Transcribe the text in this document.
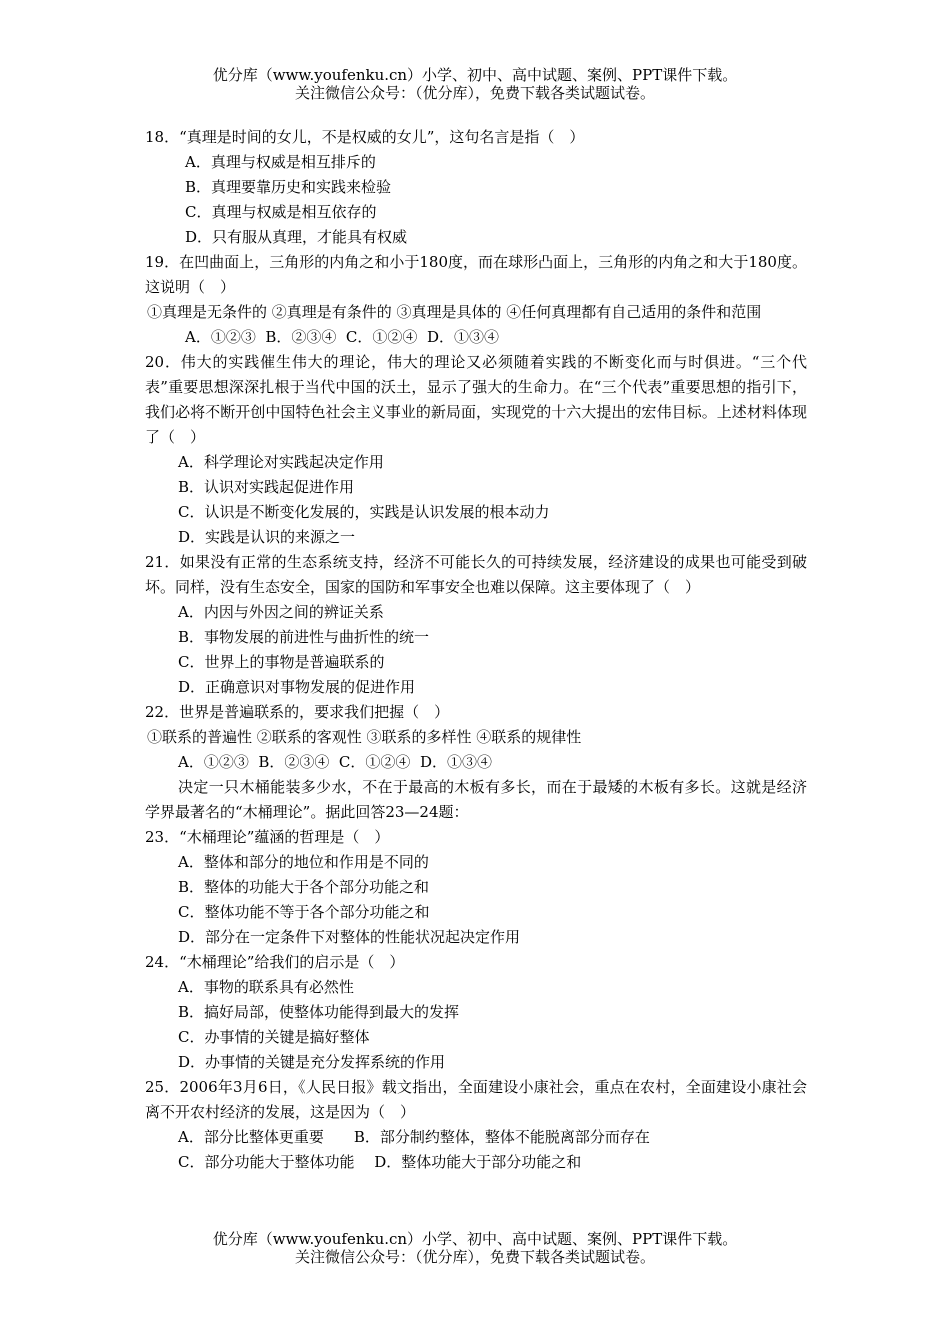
优分库（www.youfenku.cn）小学、初中、高中试题、案例、PPT课件下载。
关注微信公众号：（优分库），免费下载各类试题试卷。
18．“真理是时间的女儿，不是权威的女儿”，这句名言是指（　）
A．真理与权威是相互排斥的
B．真理要靠历史和实践来检验
C．真理与权威是相互依存的
D．只有服从真理，才能具有权威
19．在凹曲面上，三角形的内角之和小于180度，而在球形凸面上，三角形的内角之和大于180度。这说明（　）
①真理是无条件的 ②真理是有条件的 ③真理是具体的 ④任何真理都有自己适用的条件和范围
A．①②③  B．②③④  C．①②④  D．①③④
20．伟大的实践催生伟大的理论，伟大的理论又必须随着实践的不断变化而与时俱进。“三个代表”重要思想深深扎根于当代中国的沃土，显示了强大的生命力。在“三个代表”重要思想的指引下，我们必将不断开创中国特色社会主义事业的新局面，实现党的十六大提出的宏伟目标。上述材料体现了（　）
A．科学理论对实践起决定作用
B．认识对实践起促进作用
C．认识是不断变化发展的，实践是认识发展的根本动力
D．实践是认识的来源之一
21．如果没有正常的生态系统支持，经济不可能长久的可持续发展，经济建设的成果也可能受到破坏。同样，没有生态安全，国家的国防和军事安全也难以保障。这主要体现了（　）
A．内因与外因之间的辨证关系
B．事物发展的前进性与曲折性的统一
C．世界上的事物是普遍联系的
D．正确意识对事物发展的促进作用
22．世界是普遍联系的，要求我们把握（　）
①联系的普遍性 ②联系的客观性 ③联系的多样性 ④联系的规律性
A．①②③  B．②③④  C．①②④  D．①③④
决定一只木桶能装多少水，不在于最高的木板有多长，而在于最矮的木板有多长。这就是经济学界最著名的“木桶理论”。据此回答23—24题：
23．“木桶理论”蕴涵的哲理是（　）
A．整体和部分的地位和作用是不同的
B．整体的功能大于各个部分功能之和
C．整体功能不等于各个部分功能之和
D．部分在一定条件下对整体的性能状况起决定作用
24．“木桶理论”给我们的启示是（　）
A．事物的联系具有必然性
B．搞好局部，使整体功能得到最大的发挥
C．办事情的关键是搞好整体
D．办事情的关键是充分发挥系统的作用
25．2006年3月6日，《人民日报》载文指出，全面建设小康社会，重点在农村，全面建设小康社会离不开农村经济的发展，这是因为（　）
A．部分比整体更重要　　B．部分制约整体，整体不能脱离部分而存在
C．部分功能大于整体功能　 D．整体功能大于部分功能之和
优分库（www.youfenku.cn）小学、初中、高中试题、案例、PPT课件下载。
关注微信公众号：（优分库），免费下载各类试题试卷。
